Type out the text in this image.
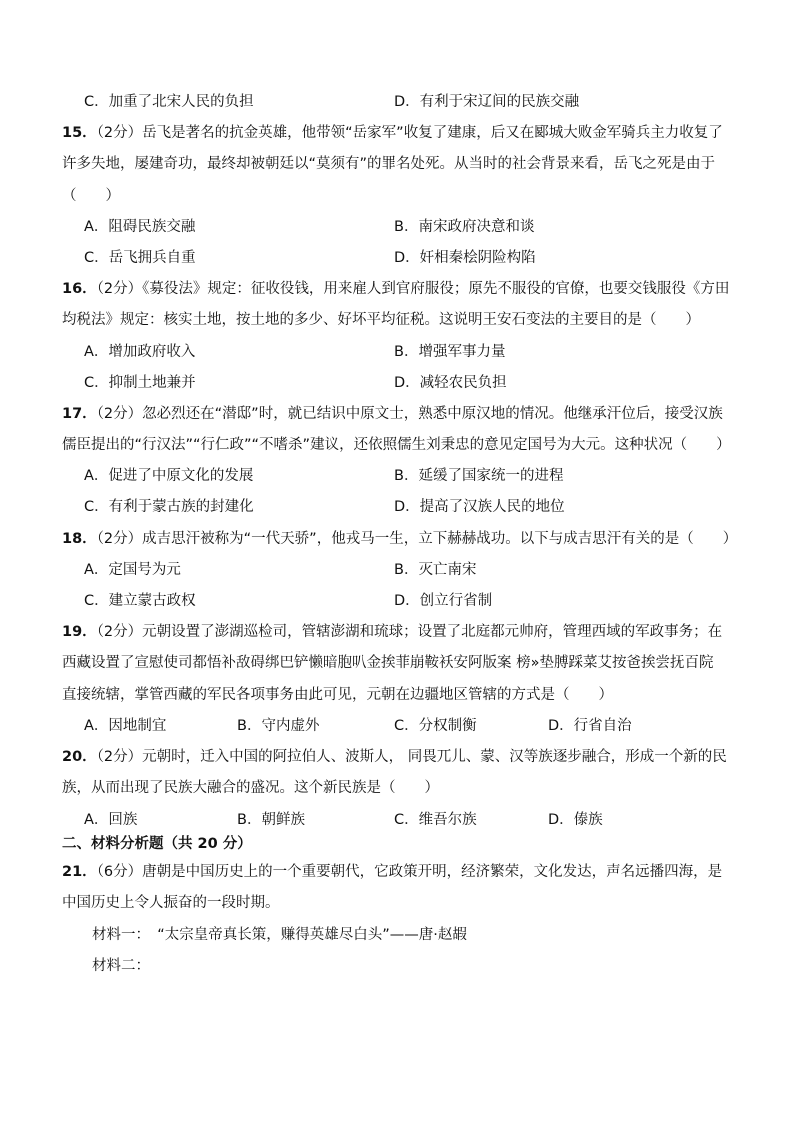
C．加重了北宋人民的负担	D．有利于宋辽间的民族交融
15．（2分）岳飞是著名的抗金英雄，他带领“岳家军”收复了建康，后又在郾城大败金军骑兵主力收复了
许多失地，屡建奇功，最终却被朝廷以“莫须有”的罪名处死。从当时的社会背景来看，岳飞之死是由于
（　　）
A．阻碍民族交融	B．南宋政府决意和谈
C．岳飞拥兵自重	D．奸相秦桧阴险构陷
16．（2分）《募役法》规定：征收役钱，用来雇人到官府服役；原先不服役的官僚，也要交钱服役《方田
均税法》规定：核实土地，按土地的多少、好坏平均征税。这说明王安石变法的主要目的是（　　）
A．增加政府收入	B．增强军事力量
C．抑制土地兼并	D．减轻农民负担
17．（2分）忽必烈还在“潜邸”时，就已结识中原文士，熟悉中原汉地的情况。他继承汗位后，接受汉族
儒臣提出的“行汉法”“行仁政”“不嗜杀”建议，还依照儒生刘秉忠的意见定国号为大元。这种状况（　　）
A．促进了中原文化的发展	B．延缓了国家统一的进程
C．有利于蒙古族的封建化	D．提高了汉族人民的地位
18．（2分）成吉思汗被称为“一代天骄”，他戎马一生，立下赫赫战功。以下与成吉思汗有关的是（　　）
A．定国号为元	B．灭亡南宋
C．建立蒙古政权	D．创立行省制
19．（2分）元朝设置了澎湖巡检司，管辖澎湖和琉球；设置了北庭都元帅府，管理西域的军政事务；在
西藏设置了宣慰使司都悟补敌碍绑巴铲懒暗胞叭金挨菲崩鞍袄安阿版案 榜»垫膊踩菜艾按爸挨尝抚百院
直接统辖，掌管西藏的军民各项事务由此可见，元朝在边疆地区管辖的方式是（　　）
A．因地制宜	B．守内虚外	C．分权制衡	D．行省自治
20．（2分）元朝时，迁入中国的阿拉伯人、波斯人， 同畏兀儿、蒙、汉等族逐步融合，形成一个新的民
族，从而出现了民族大融合的盛况。这个新民族是（　　）
A．回族	B．朝鲜族	C．维吾尔族	D．傣族
二、材料分析题（共 20 分）
21．（6分）唐朝是中国历史上的一个重要朝代，它政策开明，经济繁荣，文化发达，声名远播四海，是
中国历史上令人振奋的一段时期。
材料一：　“太宗皇帝真长策，赚得英雄尽白头”——唐·赵嘏
材料二：
